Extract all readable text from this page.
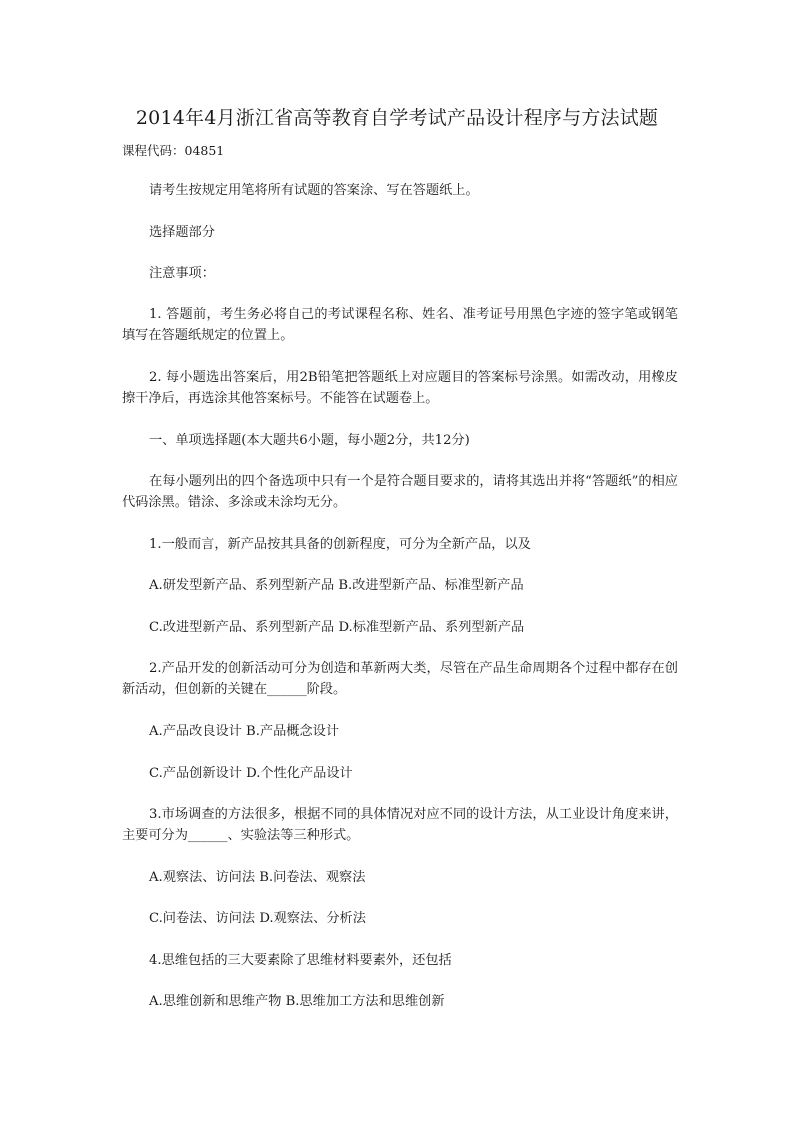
2014年4月浙江省高等教育自学考试产品设计程序与方法试题
课程代码：04851
请考生按规定用笔将所有试题的答案涂、写在答题纸上。
选择题部分
注意事项：
1. 答题前，考生务必将自己的考试课程名称、姓名、准考证号用黑色字迹的签字笔或钢笔填写在答题纸规定的位置上。
2. 每小题选出答案后，用2B铅笔把答题纸上对应题目的答案标号涂黑。如需改动，用橡皮擦干净后，再选涂其他答案标号。不能答在试题卷上。
一、单项选择题(本大题共6小题，每小题2分，共12分)
在每小题列出的四个备选项中只有一个是符合题目要求的，请将其选出并将“答题纸”的相应代码涂黑。错涂、多涂或未涂均无分。
1.一般而言，新产品按其具备的创新程度，可分为全新产品，以及
A.研发型新产品、系列型新产品 B.改进型新产品、标准型新产品
C.改进型新产品、系列型新产品 D.标准型新产品、系列型新产品
2.产品开发的创新活动可分为创造和革新两大类，尽管在产品生命周期各个过程中都存在创新活动，但创新的关键在______阶段。
A.产品改良设计 B.产品概念设计
C.产品创新设计 D.个性化产品设计
3.市场调查的方法很多，根据不同的具体情况对应不同的设计方法，从工业设计角度来讲，主要可分为______、实验法等三种形式。
A.观察法、访问法 B.问卷法、观察法
C.问卷法、访问法 D.观察法、分析法
4.思维包括的三大要素除了思维材料要素外，还包括
A.思维创新和思维产物 B.思维加工方法和思维创新
